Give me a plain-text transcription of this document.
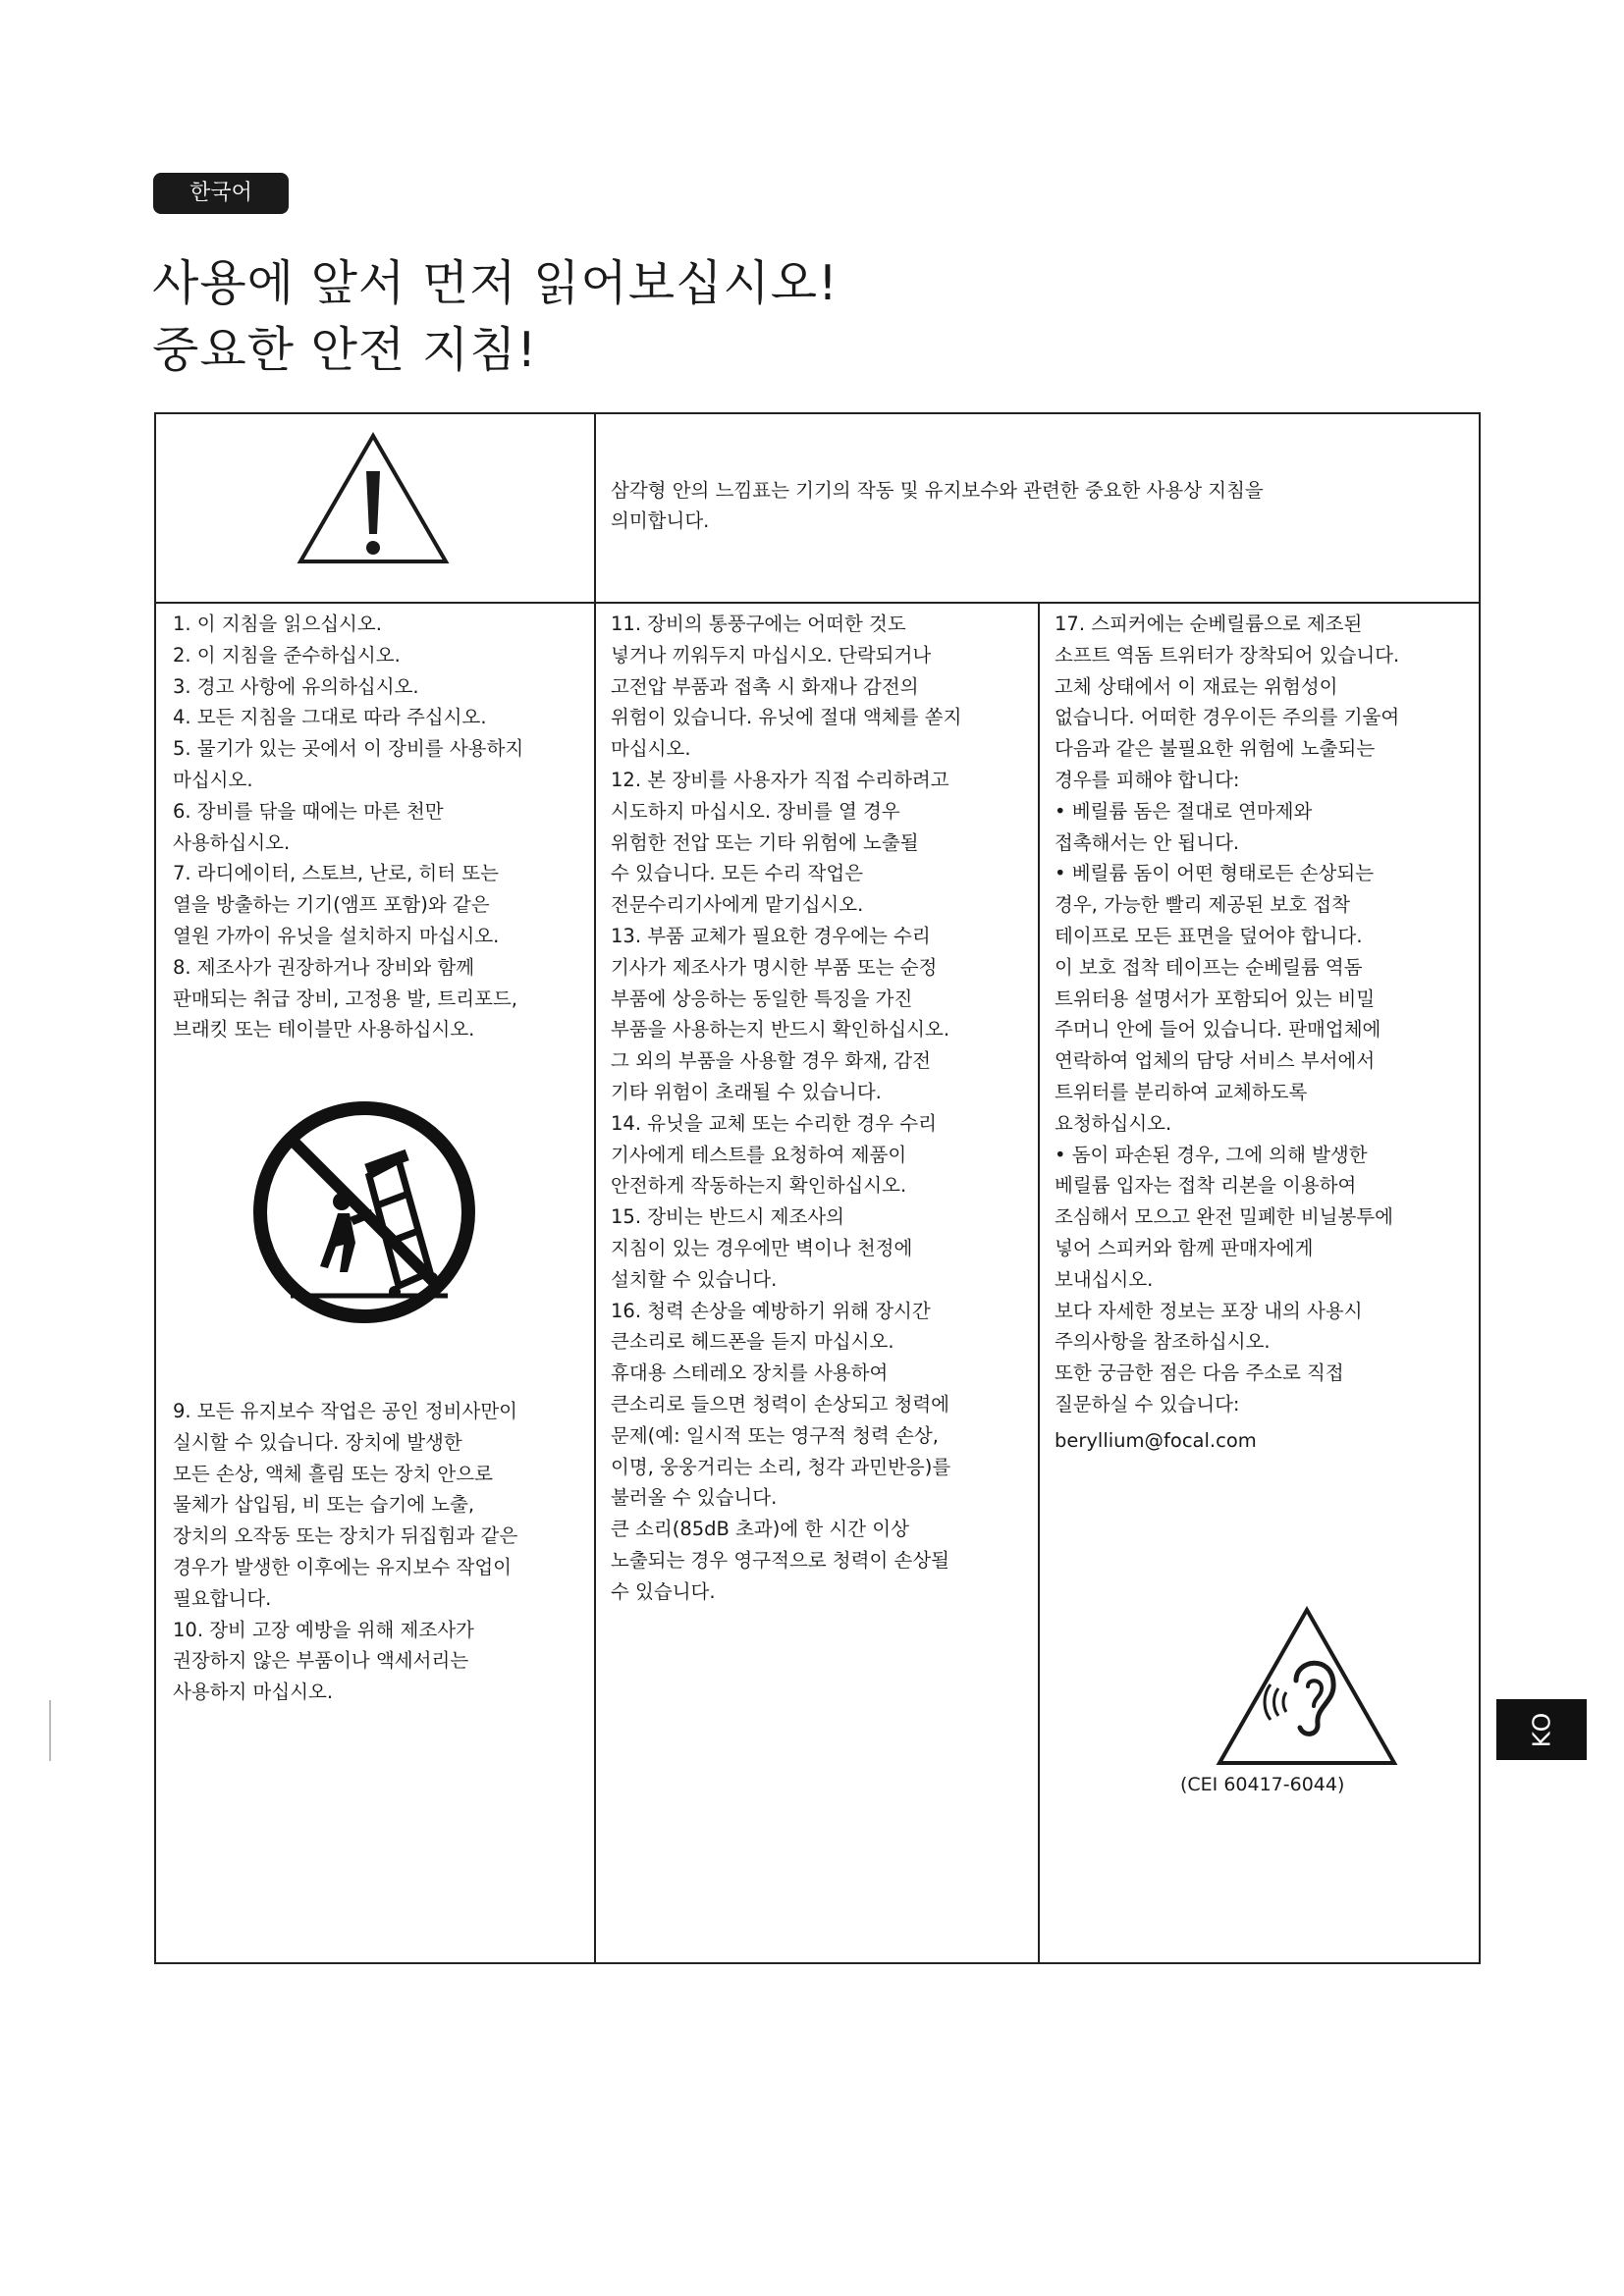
한국어
사용에 앞서 먼저 읽어보십시오!
중요한 안전 지침!
삼각형 안의 느낌표는 기기의 작동 및 유지보수와 관련한 중요한 사용상 지침을
의미합니다.
1. 이 지침을 읽으십시오.
2. 이 지침을 준수하십시오.
3. 경고 사항에 유의하십시오.
4. 모든 지침을 그대로 따라 주십시오.
5. 물기가 있는 곳에서 이 장비를 사용하지
마십시오.
6. 장비를 닦을 때에는 마른 천만
사용하십시오.
7. 라디에이터, 스토브, 난로, 히터 또는
열을 방출하는 기기(앰프 포함)와 같은
열원 가까이 유닛을 설치하지 마십시오.
8. 제조사가 권장하거나 장비와 함께
판매되는 취급 장비, 고정용 발, 트리포드,
브래킷 또는 테이블만 사용하십시오.
9. 모든 유지보수 작업은 공인 정비사만이
실시할 수 있습니다. 장치에 발생한
모든 손상, 액체 흘림 또는 장치 안으로
물체가 삽입됨, 비 또는 습기에 노출,
장치의 오작동 또는 장치가 뒤집힘과 같은
경우가 발생한 이후에는 유지보수 작업이
필요합니다.
10. 장비 고장 예방을 위해 제조사가
권장하지 않은 부품이나 액세서리는
사용하지 마십시오.
11. 장비의 통풍구에는 어떠한 것도
넣거나 끼워두지 마십시오. 단락되거나
고전압 부품과 접촉 시 화재나 감전의
위험이 있습니다. 유닛에 절대 액체를 쏟지
마십시오.
12. 본 장비를 사용자가 직접 수리하려고
시도하지 마십시오. 장비를 열 경우
위험한 전압 또는 기타 위험에 노출될
수 있습니다. 모든 수리 작업은
전문수리기사에게 맡기십시오.
13. 부품 교체가 필요한 경우에는 수리
기사가 제조사가 명시한 부품 또는 순정
부품에 상응하는 동일한 특징을 가진
부품을 사용하는지 반드시 확인하십시오.
그 외의 부품을 사용할 경우 화재, 감전
기타 위험이 초래될 수 있습니다.
14. 유닛을 교체 또는 수리한 경우 수리
기사에게 테스트를 요청하여 제품이
안전하게 작동하는지 확인하십시오.
15. 장비는 반드시 제조사의
지침이 있는 경우에만 벽이나 천정에
설치할 수 있습니다.
16. 청력 손상을 예방하기 위해 장시간
큰소리로 헤드폰을 듣지 마십시오.
휴대용 스테레오 장치를 사용하여
큰소리로 들으면 청력이 손상되고 청력에
문제(예: 일시적 또는 영구적 청력 손상,
이명, 웅웅거리는 소리, 청각 과민반응)를
불러올 수 있습니다.
큰 소리(85dB 초과)에 한 시간 이상
노출되는 경우 영구적으로 청력이 손상될
수 있습니다.
17. 스피커에는 순베릴륨으로 제조된
소프트 역돔 트위터가 장착되어 있습니다.
고체 상태에서 이 재료는 위험성이
없습니다. 어떠한 경우이든 주의를 기울여
다음과 같은 불필요한 위험에 노출되는
경우를 피해야 합니다:
• 베릴륨 돔은 절대로 연마제와
접촉해서는 안 됩니다.
• 베릴륨 돔이 어떤 형태로든 손상되는
경우, 가능한 빨리 제공된 보호 접착
테이프로 모든 표면을 덮어야 합니다.
이 보호 접착 테이프는 순베릴륨 역돔
트위터용 설명서가 포함되어 있는 비밀
주머니 안에 들어 있습니다. 판매업체에
연락하여 업체의 담당 서비스 부서에서
트위터를 분리하여 교체하도록
요청하십시오.
• 돔이 파손된 경우, 그에 의해 발생한
베릴륨 입자는 접착 리본을 이용하여
조심해서 모으고 완전 밀폐한 비닐봉투에
넣어 스피커와 함께 판매자에게
보내십시오.
보다 자세한 정보는 포장 내의 사용시
주의사항을 참조하십시오.
또한 궁금한 점은 다음 주소로 직접
질문하실 수 있습니다:
beryllium@focal.com
(CEI 60417-6044)
KO
